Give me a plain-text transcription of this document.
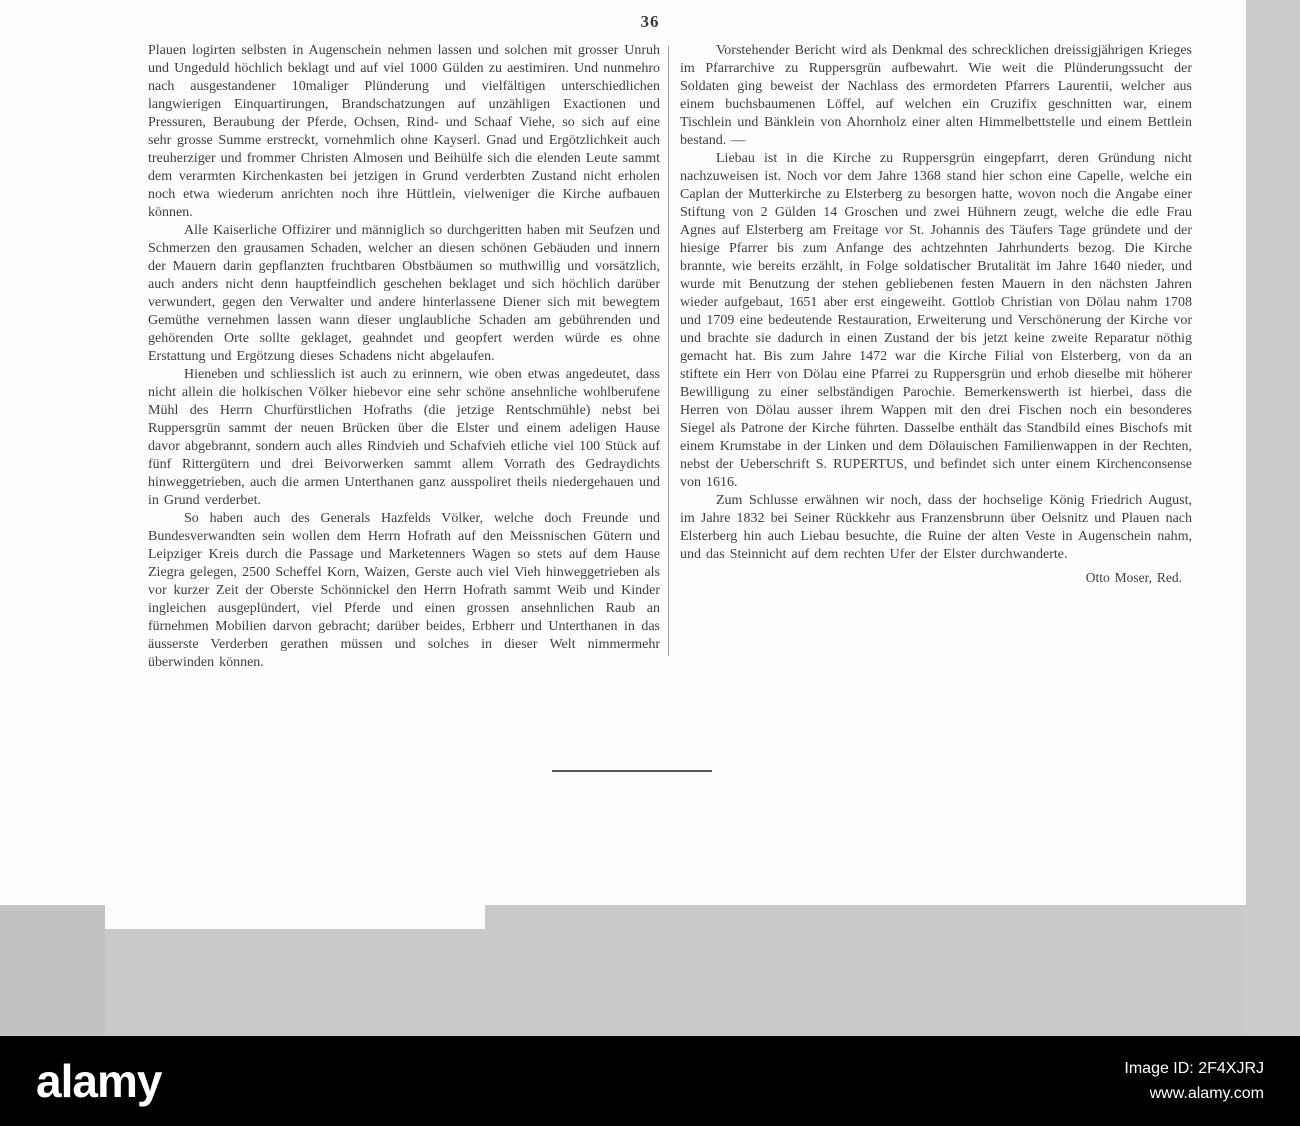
36

Plauen logirten selbsten in Augenschein nehmen lassen und solchen mit grosser Unruh und Ungeduld höchlich beklagt und auf viel 1000 Gülden zu aestimiren. Und nunmehro nach ausgestandener 10maliger Plünderung und vielfältigen unterschiedlichen langwierigen Einquartirungen, Brandschatzungen auf unzähligen Exactionen und Pressuren, Beraubung der Pferde, Ochsen, Rind- und Schaaf Viehe, so sich auf eine sehr grosse Summe erstreckt, vornehmlich ohne Kayserl. Gnad und Ergötzlichkeit auch treuherziger und frommer Christen Almosen und Beihülfe sich die elenden Leute sammt dem verarmten Kirchenkasten bei jetzigen in Grund verderbten Zustand nicht erholen noch etwa wiederum anrichten noch ihre Hüttlein, vielweniger die Kirche aufbauen können.

Alle Kaiserliche Offizirer und männiglich so durchgeritten haben mit Seufzen und Schmerzen den grausamen Schaden, welcher an diesen schönen Gebäuden und innern der Mauern darin gepflanzten fruchtbaren Obstbäumen so muthwillig und vorsätzlich, auch anders nicht denn hauptfeindlich geschehen beklaget und sich höchlich darüber verwundert, gegen den Verwalter und andere hinterlassene Diener sich mit bewegtem Gemüthe vernehmen lassen wann dieser unglaubliche Schaden am gebührenden und gehörenden Orte sollte geklaget, geahndet und geopfert werden würde es ohne Erstattung und Ergötzung dieses Schadens nicht abgelaufen.

Hieneben und schliesslich ist auch zu erinnern, wie oben etwas angedeutet, dass nicht allein die holkischen Völker hiebevor eine sehr schöne ansehnliche wohlberufene Mühl des Herrn Churfürstlichen Hofraths (die jetzige Rentschmühle) nebst bei Ruppersgrün sammt der neuen Brücken über die Elster und einem adeligen Hause davor abgebrannt, sondern auch alles Rindvieh und Schafvieh etliche viel 100 Stück auf fünf Rittergütern und drei Beivorwerken sammt allem Vorrath des Gedraydichts hinweggetrieben, auch die armen Unterthanen ganz ausspoliret theils niedergehauen und in Grund verderbet.

So haben auch des Generals Hazfelds Völker, welche doch Freunde und Bundesverwandten sein wollen dem Herrn Hofrath auf den Meissnischen Gütern und Leipziger Kreis durch die Passage und Marketenners Wagen so stets auf dem Hause Ziegra gelegen, 2500 Scheffel Korn, Waizen, Gerste auch viel Vieh hinweggetrieben als vor kurzer Zeit der Oberste Schönnickel den Herrn Hofrath sammt Weib und Kinder ingleichen ausgeplündert, viel Pferde und einen grossen ansehnlichen Raub an fürnehmen Mobilien darvon gebracht; darüber beides, Erbherr und Unterthanen in das äusserste Verderben gerathen müssen und solches in dieser Welt nimmermehr überwinden können.

Vorstehender Bericht wird als Denkmal des schrecklichen dreissigjährigen Krieges im Pfarrarchive zu Ruppersgrün aufbewahrt. Wie weit die Plünderungssucht der Soldaten ging beweist der Nachlass des ermordeten Pfarrers Laurentii, welcher aus einem buchsbaumenen Löffel, auf welchen ein Cruzifix geschnitten war, einem Tischlein und Bänklein von Ahornholz einer alten Himmelbettstelle und einem Bettlein bestand. —

Liebau ist in die Kirche zu Ruppersgrün eingepfarrt, deren Gründung nicht nachzuweisen ist. Noch vor dem Jahre 1368 stand hier schon eine Capelle, welche ein Caplan der Mutterkirche zu Elsterberg zu besorgen hatte, wovon noch die Angabe einer Stiftung von 2 Gülden 14 Groschen und zwei Hühnern zeugt, welche die edle Frau Agnes auf Elsterberg am Freitage vor St. Johannis des Täufers Tage gründete und der hiesige Pfarrer bis zum Anfange des achtzehnten Jahrhunderts bezog. Die Kirche brannte, wie bereits erzählt, in Folge soldatischer Brutalität im Jahre 1640 nieder, und wurde mit Benutzung der stehen gebliebenen festen Mauern in den nächsten Jahren wieder aufgebaut, 1651 aber erst eingeweiht. Gottlob Christian von Dölau nahm 1708 und 1709 eine bedeutende Restauration, Erweiterung und Verschönerung der Kirche vor und brachte sie dadurch in einen Zustand der bis jetzt keine zweite Reparatur nöthig gemacht hat. Bis zum Jahre 1472 war die Kirche Filial von Elsterberg, von da an stiftete ein Herr von Dölau eine Pfarrei zu Ruppersgrün und erhob dieselbe mit höherer Bewilligung zu einer selbständigen Parochie. Bemerkenswerth ist hierbei, dass die Herren von Dölau ausser ihrem Wappen mit den drei Fischen noch ein besonderes Siegel als Patrone der Kirche führten. Dasselbe enthält das Standbild eines Bischofs mit einem Krumstabe in der Linken und dem Dölauischen Familienwappen in der Rechten, nebst der Ueberschrift S. RUPERTUS, und befindet sich unter einem Kirchenconsense von 1616.

Zum Schlusse erwähnen wir noch, dass der hochselige König Friedrich August, im Jahre 1832 bei Seiner Rückkehr aus Franzensbrunn über Oelsnitz und Plauen nach Elsterberg hin auch Liebau besuchte, die Ruine der alten Veste in Augenschein nahm, und das Steinnicht auf dem rechten Ufer der Elster durchwanderte.

Otto Moser, Red.

alamy	Image ID: 2F4XJRJ
www.alamy.com
